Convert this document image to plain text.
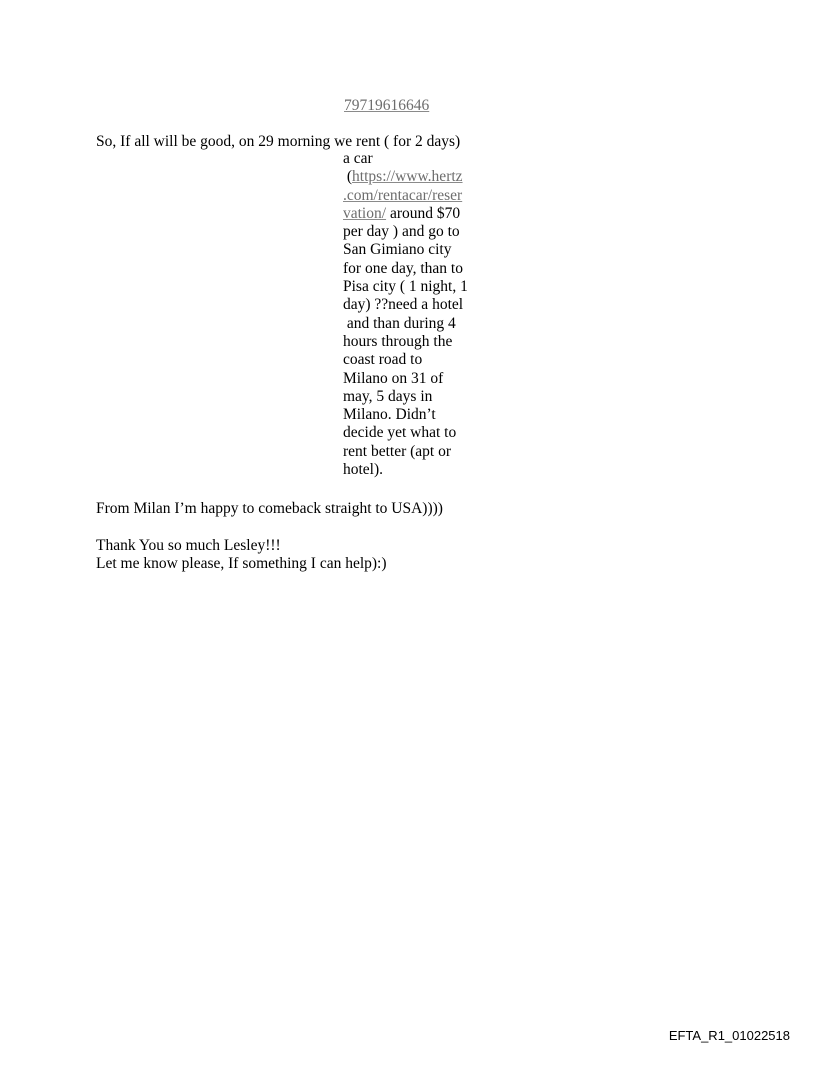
79719616646
So, If all will be good, on 29 morning we rent ( for 2 days)
a car
(https://www.hertz
.com/rentacar/reser
vation/ around $70
per day ) and go to
San Gimiano city
for one day, than to
Pisa city ( 1 night, 1
day) ??need a hotel
and than during 4
hours through the
coast road to
Milano on 31 of
may, 5 days in
Milano. Didn’t
decide yet what to
rent better (apt or
hotel).
From Milan I’m happy to comeback straight to USA))))
Thank You so much Lesley!!!
Let me know please, If something I can help):)
EFTA_R1_01022518
